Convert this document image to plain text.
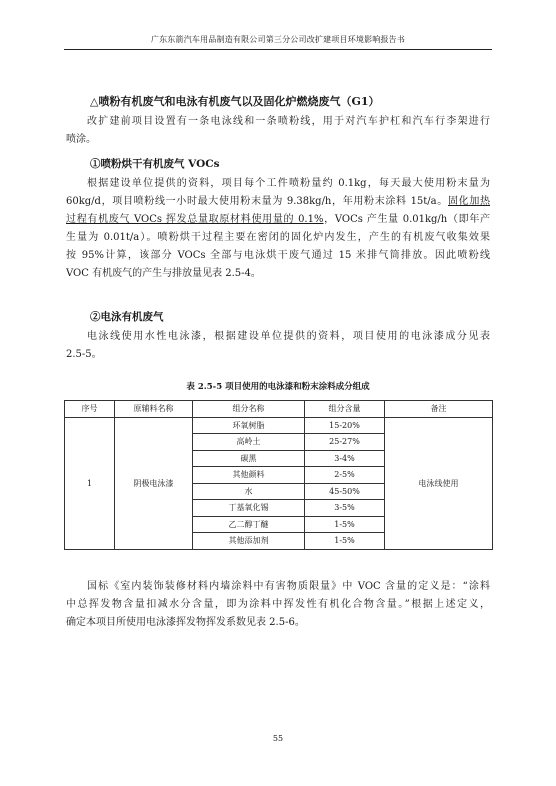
广东东箭汽车用品制造有限公司第三分公司改扩建项目环境影响报告书
△喷粉有机废气和电泳有机废气以及固化炉燃烧废气（G1）
改扩建前项目设置有一条电泳线和一条喷粉线，用于对汽车护杠和汽车行李架进行
喷涂。
①喷粉烘干有机废气 VOCs
根据建设单位提供的资料，项目每个工件喷粉量约 0.1kg，每天最大使用粉末量为
60kg/d，项目喷粉线一小时最大使用粉末量为 9.38kg/h，年用粉末涂料 15t/a。固化加热
过程有机废气 VOCs 挥发总量取原材料使用量的 0.1%，VOCs 产生量 0.01kg/h（即年产
生量为 0.01t/a）。喷粉烘干过程主要在密闭的固化炉内发生，产生的有机废气收集效果
按 95%计算，该部分 VOCs 全部与电泳烘干废气通过 15 米排气筒排放。因此喷粉线
VOC 有机废气的产生与排放量见表 2.5-4。
②电泳有机废气
电泳线使用水性电泳漆，根据建设单位提供的资料，项目使用的电泳漆成分见表
2.5-5。
表 2.5-5 项目使用的电泳漆和粉末涂料成分组成
序号	原辅料名称	组分名称	组分含量	备注
1	阴极电泳漆	环氧树脂	15-20%	电泳线使用
		高岭土	25-27%	
		碳黑	3-4%	
		其他颜料	2-5%	
		水	45-50%	
		丁基氧化锡	3-5%	
		乙二醇丁醚	1-5%	
		其他添加剂	1-5%	
国标《室内装饰装修材料内墙涂料中有害物质限量》中 VOC 含量的定义是：“涂料
中总挥发物含量扣减水分含量，即为涂料中挥发性有机化合物含量。”根据上述定义，
确定本项目所使用电泳漆挥发物挥发系数见表 2.5-6。
55
